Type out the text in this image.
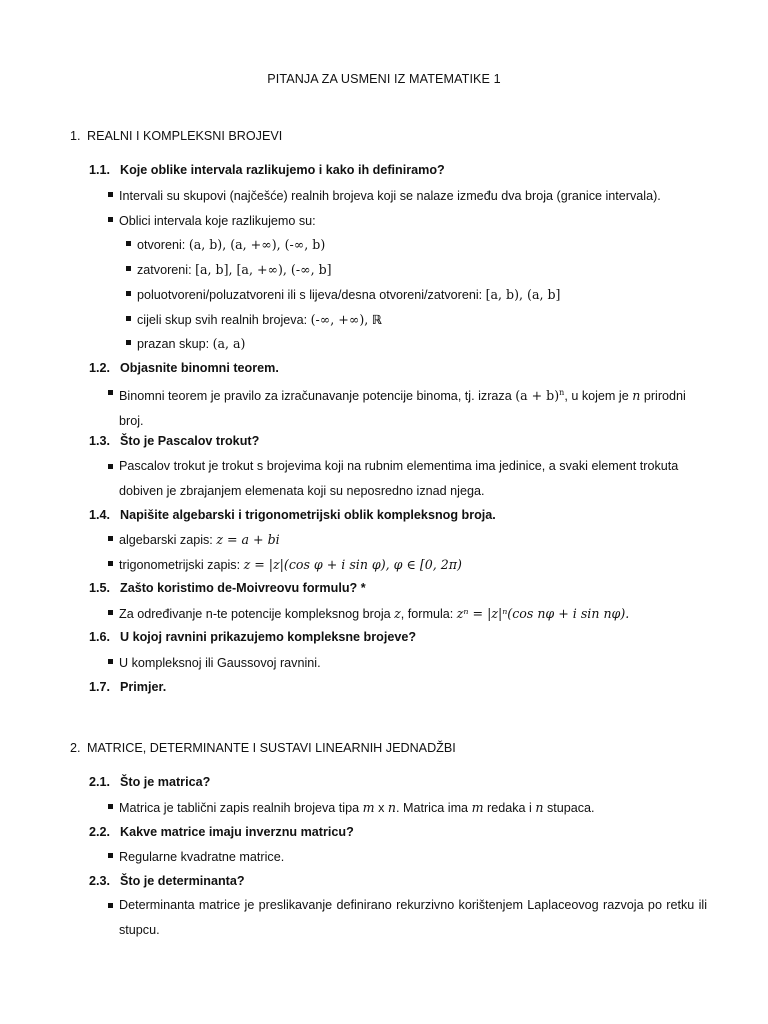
PITANJA ZA USMENI IZ MATEMATIKE 1
1. REALNI I KOMPLEKSNI BROJEVI
1.1. Koje oblike intervala razlikujemo i kako ih definiramo?
Intervali su skupovi (najčešće) realnih brojeva koji se nalaze između dva broja (granice intervala).
Oblici intervala koje razlikujemo su:
otvoreni: (a, b), (a, +∞), (-∞, b)
zatvoreni: [a, b], [a, +∞), (-∞, b]
poluotvoreni/poluzatvoreni ili s lijeva/desna otvoreni/zatvoreni: [a, b), (a, b]
cijeli skup svih realnih brojeva: (-∞, +∞), ℝ
prazan skup: (a, a)
1.2. Objasnite binomni teorem.
Binomni teorem je pravilo za izračunavanje potencije binoma, tj. izraza $(a + b)^n$, u kojem je n prirodni broj.
1.3. Što je Pascalov trokut?
Pascalov trokut je trokut s brojevima koji na rubnim elementima ima jedinice, a svaki element trokuta dobiven je zbrajanjem elemenata koji su neposredno iznad njega.
1.4. Napišite algebarski i trigonometrijski oblik kompleksnog broja.
algebarski zapis: z = a + bi
trigonometrijski zapis: z = |z|(cos φ + i sin φ), φ ∈ [0, 2π)
1.5. Zašto koristimo de-Moivreovu formulu? *
Za određivanje n-te potencije kompleksnog broja z, formula: zⁿ = |z|ⁿ(cos nφ + i sin nφ).
1.6. U kojoj ravnini prikazujemo kompleksne brojeve?
U kompleksnoj ili Gaussovoj ravnini.
1.7. Primjer.
2. MATRICE, DETERMINANTE I SUSTAVI LINEARNIH JEDNADŽBI
2.1. Što je matrica?
Matrica je tablični zapis realnih brojeva tipa m x n. Matrica ima m redaka i n stupaca.
2.2. Kakve matrice imaju inverznu matricu?
Regularne kvadratne matrice.
2.3. Što je determinanta?
Determinanta matrice je preslikavanje definirano rekurzivno korištenjem Laplaceovog razvoja po retku ili stupcu.
